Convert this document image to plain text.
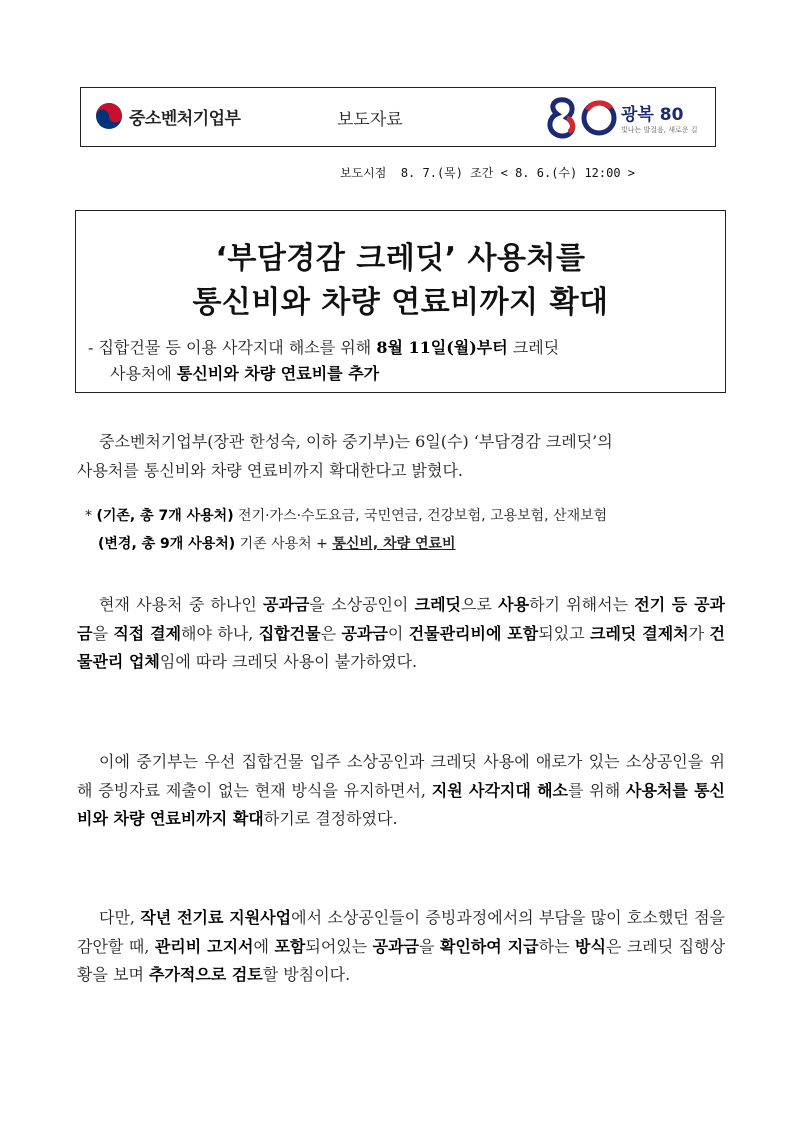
중소벤처기업부	보도자료	광복 80
빛나는 발걸음, 새로운 길
보도시점  8. 7.(목) 조간 < 8. 6.(수) 12:00 >
‘부담경감 크레딧’ 사용처를
통신비와 차량 연료비까지 확대
- 집합건물 등 이용 사각지대 해소를 위해 8월 11일(월)부터 크레딧
사용처에 통신비와 차량 연료비를 추가
중소벤처기업부(장관 한성숙, 이하 중기부)는 6일(수) ‘부담경감 크레딧’의
사용처를 통신비와 차량 연료비까지 확대한다고 밝혔다.
* (기존, 총 7개 사용처) 전기·가스·수도요금, 국민연금, 건강보험, 고용보험, 산재보험
(변경, 총 9개 사용처) 기존 사용처 + 통신비, 차량 연료비
현재 사용처 중 하나인 공과금을 소상공인이 크레딧으로 사용하기 위해서는 전기 등 공과금을 직접 결제해야 하나, 집합건물은 공과금이 건물관리비에 포함되있고 크레딧 결제처가 건물관리 업체임에 따라 크레딧 사용이 불가하였다.
이에 중기부는 우선 집합건물 입주 소상공인과 크레딧 사용에 애로가 있는 소상공인을 위해 증빙자료 제출이 없는 현재 방식을 유지하면서, 지원 사각지대 해소를 위해 사용처를 통신비와 차량 연료비까지 확대하기로 결정하였다.
다만, 작년 전기료 지원사업에서 소상공인들이 증빙과정에서의 부담을 많이 호소했던 점을 감안할 때, 관리비 고지서에 포함되어있는 공과금을 확인하여 지급하는 방식은 크레딧 집행상황을 보며 추가적으로 검토할 방침이다.
